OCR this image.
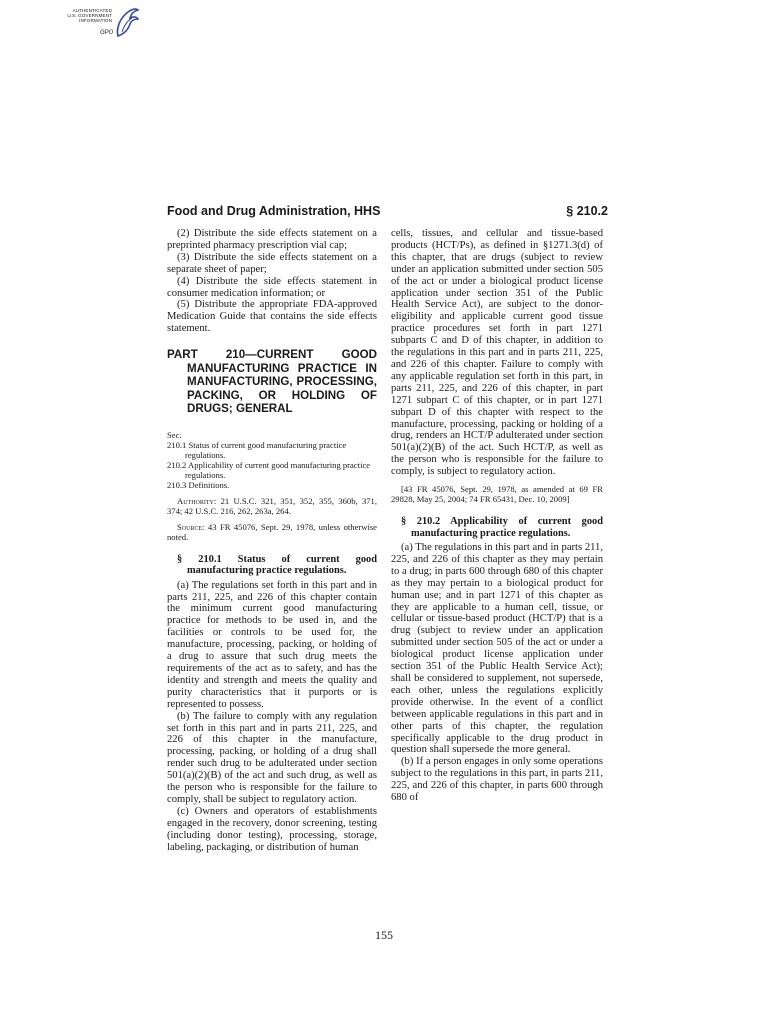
AUTHENTICATED
U.S. GOVERNMENT
INFORMATION
GPO
Food and Drug Administration, HHS	§ 210.2

(2) Distribute the side effects statement on a preprinted pharmacy prescription vial cap;

(3) Distribute the side effects statement on a separate sheet of paper;

(4) Distribute the side effects statement in consumer medication information; or

(5) Distribute the appropriate FDA-approved Medication Guide that contains the side effects statement.

PART 210—CURRENT GOOD MANUFACTURING PRACTICE IN MANUFACTURING, PROCESSING, PACKING, OR HOLDING OF DRUGS; GENERAL

Sec.

210.1 Status of current good manufacturing practice regulations.

210.2 Applicability of current good manufacturing practice regulations.

210.3 Definitions.

Authority: 21 U.S.C. 321, 351, 352, 355, 360b, 371, 374; 42 U.S.C. 216, 262, 263a, 264.

Source: 43 FR 45076, Sept. 29, 1978, unless otherwise noted.

§ 210.1 Status of current good manufacturing practice regulations.

(a) The regulations set forth in this part and in parts 211, 225, and 226 of this chapter contain the minimum current good manufacturing practice for methods to be used in, and the facilities or controls to be used for, the manufacture, processing, packing, or holding of a drug to assure that such drug meets the requirements of the act as to safety, and has the identity and strength and meets the quality and purity characteristics that it purports or is represented to possess.

(b) The failure to comply with any regulation set forth in this part and in parts 211, 225, and 226 of this chapter in the manufacture, processing, packing, or holding of a drug shall render such drug to be adulterated under section 501(a)(2)(B) of the act and such drug, as well as the person who is responsible for the failure to comply, shall be subject to regulatory action.

(c) Owners and operators of establishments engaged in the recovery, donor screening, testing (including donor testing), processing, storage, labeling, packaging, or distribution of human

cells, tissues, and cellular and tissue-based products (HCT/Ps), as defined in §1271.3(d) of this chapter, that are drugs (subject to review under an application submitted under section 505 of the act or under a biological product license application under section 351 of the Public Health Service Act), are subject to the donor-eligibility and applicable current good tissue practice procedures set forth in part 1271 subparts C and D of this chapter, in addition to the regulations in this part and in parts 211, 225, and 226 of this chapter. Failure to comply with any applicable regulation set forth in this part, in parts 211, 225, and 226 of this chapter, in part 1271 subpart C of this chapter, or in part 1271 subpart D of this chapter with respect to the manufacture, processing, packing or holding of a drug, renders an HCT/P adulterated under section 501(a)(2)(B) of the act. Such HCT/P, as well as the person who is responsible for the failure to comply, is subject to regulatory action.

[43 FR 45076, Sept. 29, 1978, as amended at 69 FR 29828, May 25, 2004; 74 FR 65431, Dec. 10, 2009]

§ 210.2 Applicability of current good manufacturing practice regulations.

(a) The regulations in this part and in parts 211, 225, and 226 of this chapter as they may pertain to a drug; in parts 600 through 680 of this chapter as they may pertain to a biological product for human use; and in part 1271 of this chapter as they are applicable to a human cell, tissue, or cellular or tissue-based product (HCT/P) that is a drug (subject to review under an application submitted under section 505 of the act or under a biological product license application under section 351 of the Public Health Service Act); shall be considered to supplement, not supersede, each other, unless the regulations explicitly provide otherwise. In the event of a conflict between applicable regulations in this part and in other parts of this chapter, the regulation specifically applicable to the drug product in question shall supersede the more general.

(b) If a person engages in only some operations subject to the regulations in this part, in parts 211, 225, and 226 of this chapter, in parts 600 through 680 of

155
